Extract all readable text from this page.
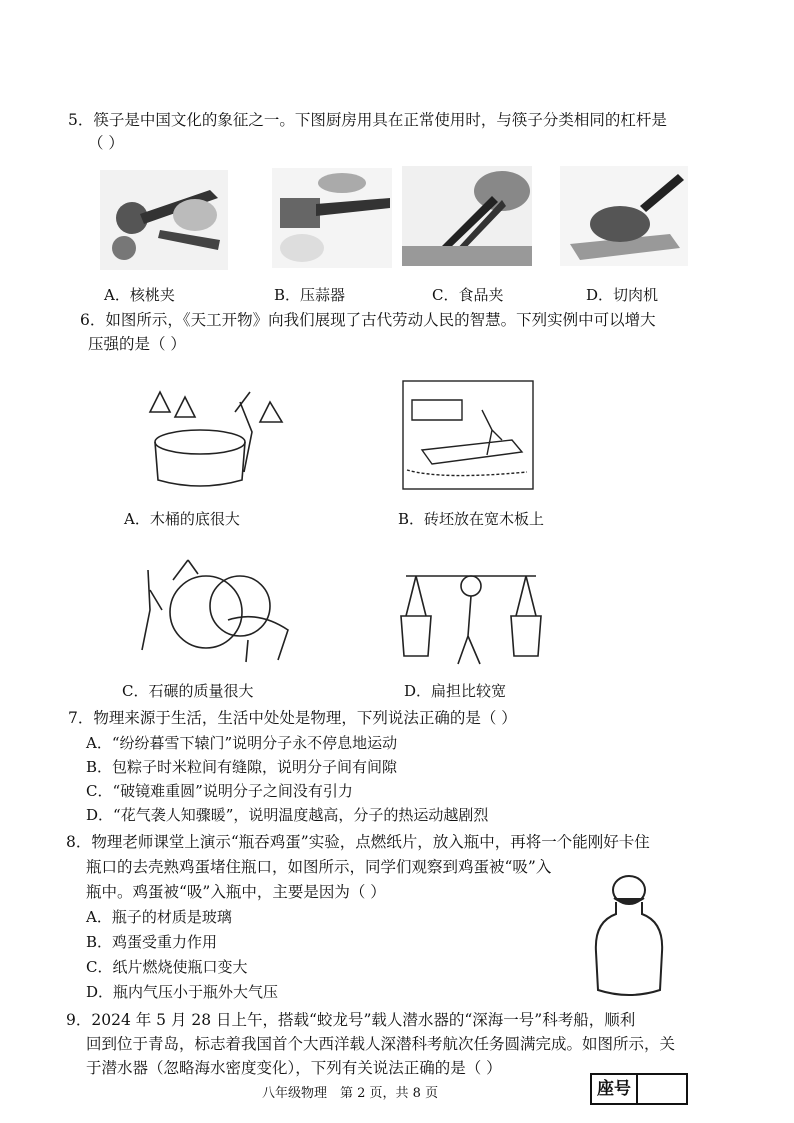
5．筷子是中国文化的象征之一。下图厨房用具在正常使用时，与筷子分类相同的杠杆是
（ ）
A．核桃夹	B．压蒜器	C．食品夹	D．切肉机
6．如图所示，《天工开物》向我们展现了古代劳动人民的智慧。下列实例中可以增大
压强的是（ ）
A．木桶的底很大	B．砖坯放在宽木板上
C．石碾的质量很大	D．扁担比较宽
7．物理来源于生活，生活中处处是物理，下列说法正确的是（ ）
A．“纷纷暮雪下辕门”说明分子永不停息地运动
B．包粽子时米粒间有缝隙，说明分子间有间隙
C．“破镜难重圆”说明分子之间没有引力
D．“花气袭人知骤暖”，说明温度越高，分子的热运动越剧烈
8．物理老师课堂上演示“瓶吞鸡蛋”实验，点燃纸片，放入瓶中，再将一个能刚好卡住
瓶口的去壳熟鸡蛋堵住瓶口，如图所示，同学们观察到鸡蛋被“吸”入
瓶中。鸡蛋被“吸”入瓶中，主要是因为（ ）
A．瓶子的材质是玻璃
B．鸡蛋受重力作用
C．纸片燃烧使瓶口变大
D．瓶内气压小于瓶外大气压
9．2024 年 5 月 28 日上午，搭载“蛟龙号”载人潜水器的“深海一号”科考船，顺利
回到位于青岛，标志着我国首个大西洋载人深潜科考航次任务圆满完成。如图所示，关
于潜水器（忽略海水密度变化），下列有关说法正确的是（ ）
八年级物理　第 2 页，共 8 页	座号
